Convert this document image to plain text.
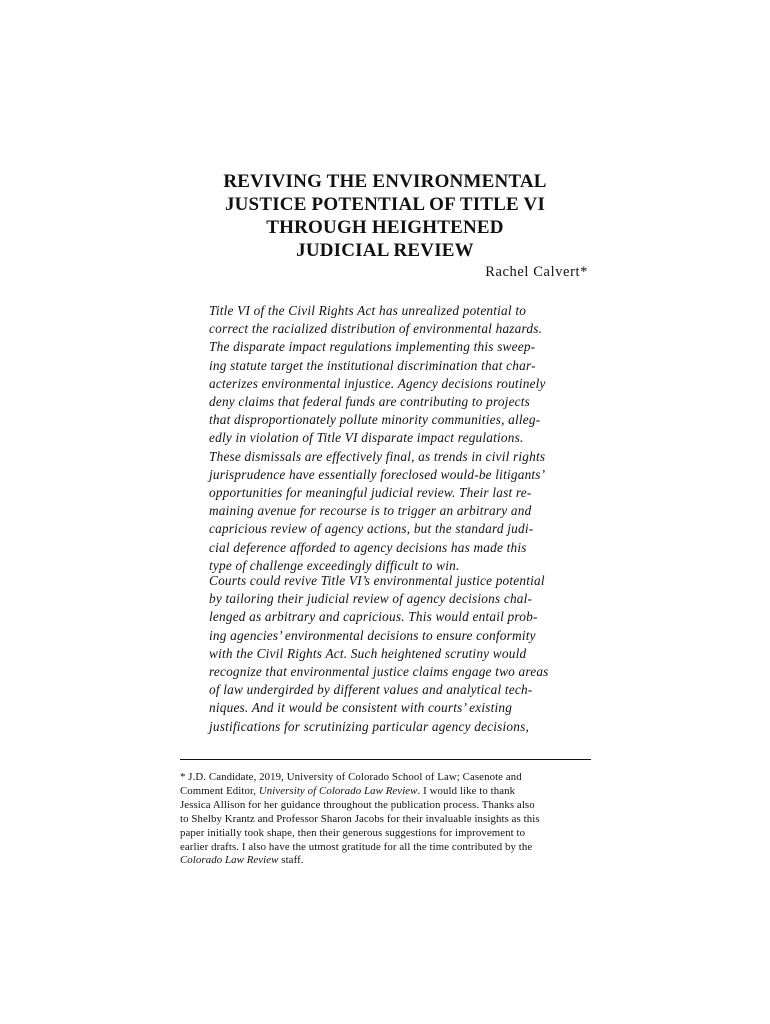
REVIVING THE ENVIRONMENTAL
JUSTICE POTENTIAL OF TITLE VI
THROUGH HEIGHTENED
JUDICIAL REVIEW

Rachel Calvert*

Title VI of the Civil Rights Act has unrealized potential to
correct the racialized distribution of environmental hazards.
The disparate impact regulations implementing this sweep-
ing statute target the institutional discrimination that char-
acterizes environmental injustice. Agency decisions routinely
deny claims that federal funds are contributing to projects
that disproportionately pollute minority communities, alleg-
edly in violation of Title VI disparate impact regulations.
These dismissals are effectively final, as trends in civil rights
jurisprudence have essentially foreclosed would-be litigants’
opportunities for meaningful judicial review. Their last re-
maining avenue for recourse is to trigger an arbitrary and
capricious review of agency actions, but the standard judi-
cial deference afforded to agency decisions has made this
type of challenge exceedingly difficult to win.

Courts could revive Title VI’s environmental justice potential
by tailoring their judicial review of agency decisions chal-
lenged as arbitrary and capricious. This would entail prob-
ing agencies’ environmental decisions to ensure conformity
with the Civil Rights Act. Such heightened scrutiny would
recognize that environmental justice claims engage two areas
of law undergirded by different values and analytical tech-
niques. And it would be consistent with courts’ existing
justifications for scrutinizing particular agency decisions,

* J.D. Candidate, 2019, University of Colorado School of Law; Casenote and
Comment Editor, University of Colorado Law Review. I would like to thank
Jessica Allison for her guidance throughout the publication process. Thanks also
to Shelby Krantz and Professor Sharon Jacobs for their invaluable insights as this
paper initially took shape, then their generous suggestions for improvement to
earlier drafts. I also have the utmost gratitude for all the time contributed by the
Colorado Law Review staff.
